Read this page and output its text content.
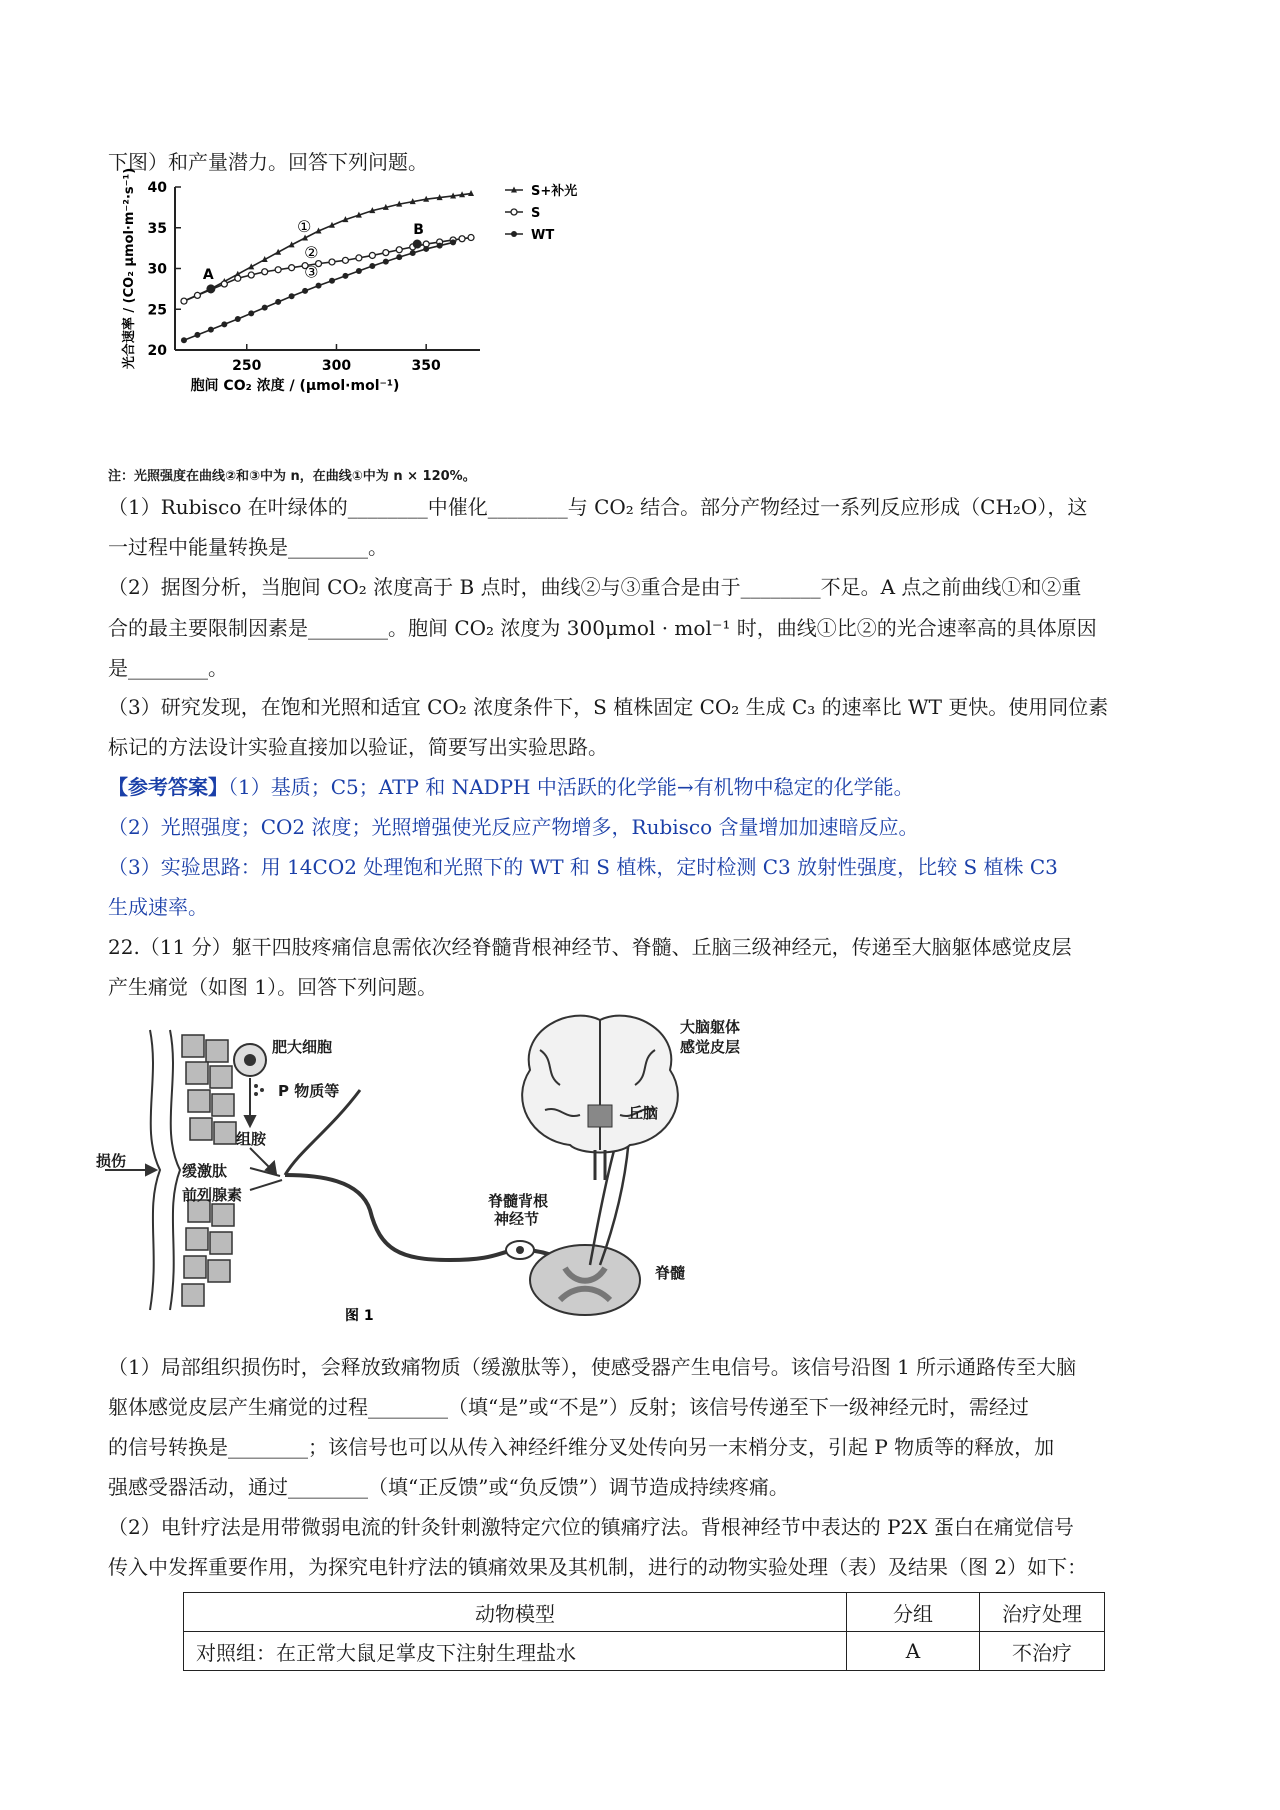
下图）和产量潜力。回答下列问题。
20
25
30
35
40
250	300	350
胞间 CO₂ 浓度 / (μmol·mol⁻¹)
光合速率 / (CO₂ μmol·m⁻²·s⁻¹)	A
B
①
②
③
S+补光
S
WT
注：光照强度在曲线②和③中为 n，在曲线①中为 n × 120%。
（1）Rubisco 在叶绿体的________中催化________与 CO₂ 结合。部分产物经过一系列反应形成（CH₂O），这
一过程中能量转换是________。
（2）据图分析，当胞间 CO₂ 浓度高于 B 点时，曲线②与③重合是由于________不足。A 点之前曲线①和②重
合的最主要限制因素是________。胞间 CO₂ 浓度为 300μmol · mol⁻¹ 时，曲线①比②的光合速率高的具体原因
是________。
（3）研究发现，在饱和光照和适宜 CO₂ 浓度条件下，S 植株固定 CO₂ 生成 C₃ 的速率比 WT 更快。使用同位素
标记的方法设计实验直接加以验证，简要写出实验思路。
【参考答案】（1）基质；C5；ATP 和 NADPH 中活跃的化学能→有机物中稳定的化学能。
（2）光照强度；CO2 浓度；光照增强使光反应产物增多，Rubisco 含量增加加速暗反应。
（3）实验思路：用 14CO2 处理饱和光照下的 WT 和 S 植株，定时检测 C3 放射性强度，比较 S 植株 C3
生成速率。
22.（11 分）躯干四肢疼痛信息需依次经脊髓背根神经节、脊髓、丘脑三级神经元，传递至大脑躯体感觉皮层
产生痛觉（如图 1）。回答下列问题。
肥大细胞
P 物质等
组胺
缓激肽
前列腺素
损伤
大脑躯体
感觉皮层
丘脑
脊髓背根
神经节
脊髓
图 1
（1）局部组织损伤时，会释放致痛物质（缓激肽等），使感受器产生电信号。该信号沿图 1 所示通路传至大脑
躯体感觉皮层产生痛觉的过程________（填“是”或“不是”）反射；该信号传递至下一级神经元时，需经过
的信号转换是________；该信号也可以从传入神经纤维分叉处传向另一末梢分支，引起 P 物质等的释放，加
强感受器活动，通过________（填“正反馈”或“负反馈”）调节造成持续疼痛。
（2）电针疗法是用带微弱电流的针灸针刺激特定穴位的镇痛疗法。背根神经节中表达的 P2X 蛋白在痛觉信号
传入中发挥重要作用，为探究电针疗法的镇痛效果及其机制，进行的动物实验处理（表）及结果（图 2）如下：
动物模型	分组	治疗处理
对照组：在正常大鼠足掌皮下注射生理盐水	A	不治疗
